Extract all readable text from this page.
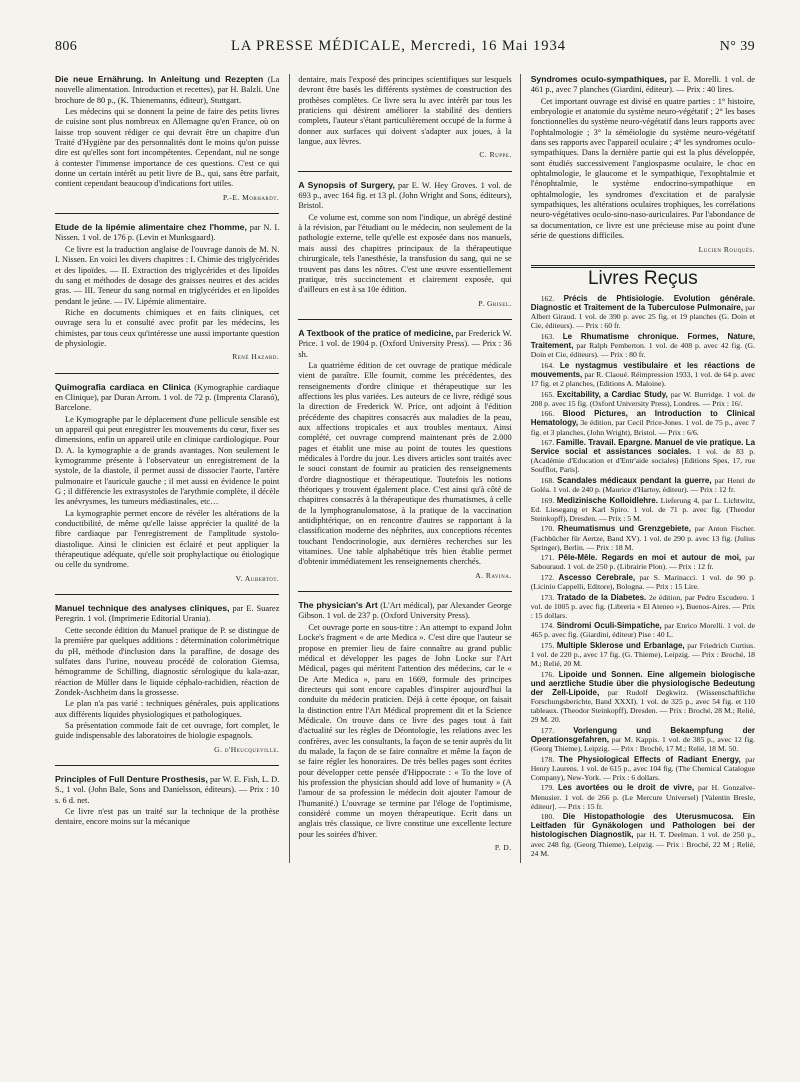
806	LA PRESSE MÉDICALE, Mercredi, 16 Mai 1934	N° 39
Die neue Ernährung. In Anleitung und Rezepten (La nouvelle alimentation. Introduction et recettes), par H. Balzli. Une brochure de 80 p., (K. Thienemanns, éditeur), Stuttgart.

Les médecins qui se donnent la peine de faire des petits livres de cuisine sont plus nombreux en Allemagne qu'en France, où on laisse trop souvent rédiger ce qui devrait être un chapitre d'un Traité d'Hygiène par des personnalités dont le moins qu'on puisse dire est qu'elles sont fort incompétentes. Cependant, nul ne songe à contester l'immense importance de ces questions. C'est ce qui donne un certain intérêt au petit livre de B., qui, sans être parfait, contient cependant beaucoup d'indications fort utiles.

P.-E. Morhardt.
Etude de la lipémie alimentaire chez l'homme, par N. I. Nissen. 1 vol. de 176 p. (Levin et Munksgaard).

Ce livre est la traduction anglaise de l'ouvrage danois de M. N. I. Nissen. En voici les divers chapitres : I. Chimie des triglycérides et des lipoïdes. — II. Extraction des triglycérides et des lipoïdes du sang et méthodes de dosage des graisses neutres et des acides gras. — III. Teneur du sang normal en triglycérides et en lipoïdes pendant le jeûne. — IV. Lipémie alimentaire.

Riche en documents chimiques et en faits cliniques, cet ouvrage sera lu et consulté avec profit par les médecins, les chimistes, par tous ceux qu'intéresse une aussi importante question de physiologie.

René Hazard.
Quimografia cardiaca en Clinica (Kymographie cardiaque en Clinique), par Duran Arrom. 1 vol. de 72 p. (Imprenta Clarasó), Barcelone.

Le Kymographe par le déplacement d'une pellicule sensible est un appareil qui peut enregistrer les mouvements du cœur, fixer ses dimensions, enfin un appareil utile en clinique cardiologique. Pour D. A. la kymographie a de grands avantages. Non seulement le kymogramme présente à l'observateur un enregistrement de la systole, de la diastole, il permet aussi de dissocier l'aorte, l'artère pulmonaire et l'auricule gauche ; il met aussi en évidence le point G ; il différencie les extrasystoles de l'arythmie complète, il décèle les anévrysmes, les tumeurs médiastinales, etc…

La kymographie permet encore de révéler les altérations de la conductibilité, de même qu'elle laisse apprécier la qualité de la fibre cardiaque par l'enregistrement de l'amplitude systolo-diastolique. Ainsi le clinicien est éclairé et peut appliquer la thérapeutique adéquate, qu'elle soit prophylactique ou étiologique ou celle du syndrome.

V. Aubertot.
Manuel technique des analyses cliniques, par E. Suarez Peregrin. 1 vol. (Imprimerie Editorial Urania).

Cette seconde édition du Manuel pratique de P. se distingue de la première par quelques additions : détermination colorimétrique du pH, méthode d'inclusion dans la paraffine, de dosage des sulfates dans l'urine, nouveau procédé de coloration Giemsa, hémogramme de Schilling, diagnostic sérologique du kala-azar, réaction de Müller dans le liquide céphalo-rachidien, réaction de Zondek-Aschheim dans la grossesse.

Le plan n'a pas varié : techniques générales, puis applications aux différents liquides physiologiques et pathologiques.

Sa présentation commode fait de cet ouvrage, fort complet, le guide indispensable des laboratoires de biologie espagnols.

G. d'Heucqueville.
Principles of Full Denture Prosthesis, par W. E. Fish, L. D. S., 1 vol. (John Bale, Sons and Danielsson, éditeurs). — Prix : 10 s. 6 d. net.

Ce livre n'est pas un traité sur la technique de la prothèse dentaire, encore moins sur la mécanique

dentaire, mais l'exposé des principes scientifiques sur lesquels devront être basés les différents systèmes de construction des prothèses complètes. Ce livre sera lu avec intérêt par tous les praticiens qui désirent améliorer la stabilité des dentiers complets, l'auteur s'étant particulièrement occupé de la forme à donner aux surfaces qui doivent s'adapter aux joues, à la langue, aux lèvres.

C. Ruppe.
A Synopsis of Surgery, par E. W. Hey Groves. 1 vol. de 693 p., avec 164 fig. et 13 pl. (John Wright and Sons, éditeurs), Bristol.

Ce volume est, comme son nom l'indique, un abrégé destiné à la révision, par l'étudiant ou le médecin, non seulement de la pathologie externe, telle qu'elle est exposée dans nos manuels, mais aussi des chapitres principaux de la thérapeutique chirurgicale, tels l'anesthésie, la transfusion du sang, qui ne se trouvent pas dans les nôtres. C'est une œuvre essentiellement pratique, très succinctement et clairement exposée, qui d'ailleurs en est à sa 10e édition.

P. Grisel.
A Textbook of the pratice of medicine, par Frederick W. Price. 1 vol. de 1904 p. (Oxford University Press). — Prix : 36 sh.

La quatrième édition de cet ouvrage de pratique médicale vient de paraître. Elle fournit, comme les précédentes, des renseignements d'ordre clinique et thérapeutique sur les affections les plus variées. Les auteurs de ce livre, rédigé sous la direction de Frederick W. Price, ont adjoint à l'édition précédente des chapitres consacrés aux maladies de la peau, aux affections tropicales et aux troubles mentaux. Ainsi complété, cet ouvrage comprend maintenant près de 2.000 pages et établit une mise au point de toutes les questions médicales à l'ordre du jour. Les divers articles sont traités avec le souci constant de fournir au praticien des renseignements d'ordre diagnostique et thérapeutique. Toutefois les notions théoriques y trouvent également place. C'est ainsi qu'à côté de chapitres consacrés à la thérapeutique des rhumatismes, à celle de la lymphogranulomatose, à la pratique de la vaccination antidiphtérique, on en rencontre d'autres se rapportant à la classification moderne des néphrites, aux conceptions récentes touchant l'endocrinologie, aux dernières recherches sur les vitamines. Une table alphabétique très bien établie permet d'obtenir immédiatement les renseignements cherchés.

A. Ravina.
The physician's Art (L'Art médical), par Alexander George Gibson. 1 vol. de 237 p. (Oxford University Press).

Cet ouvrage porte en sous-titre : An attempt to expand John Locke's fragment « de arte Medica ». C'est dire que l'auteur se propose en premier lieu de faire connaître au grand public médical et développer les pages de John Locke sur l'Art Médical, pages qui méritent l'attention des médecins, car le « De Arte Medica », paru en 1669, formule des principes directeurs qui sont encore capables d'inspirer aujourd'hui la conduite du médecin praticien. Déjà à cette époque, on faisait la distinction entre l'Art Médical proprement dit et la Science Médicale. On trouve dans ce livre des pages tout à fait d'actualité sur les règles de Déontologie, les relations avec les confrères, avec les consultants, la façon de se tenir auprès du lit du malade, la façon de se faire connaître et même la façon de se faire régler les honoraires. De très belles pages sont écrites pour développer cette pensée d'Hippocrate : « To the love of his profession the physician should add love of humanity » (A l'amour de sa profession le médecin doit ajouter l'amour de l'humanité.) L'ouvrage se termine par l'éloge de l'optimisme, considéré comme un moyen thérapeutique. Ecrit dans un anglais très classique, ce livre constitue une excellente lecture pour les soirées d'hiver.

P. D.
Syndromes oculo-sympathiques, par E. Morelli. 1 vol. de 461 p., avec 7 planches (Giardini, éditeur). — Prix : 40 lires.

Cet important ouvrage est divisé en quatre parties : 1° histoire, embryologie et anatomie du système neuro-végétatif ; 2° les bases fonctionnelles du système neuro-végétatif dans leurs rapports avec l'ophtalmologie ; 3° la séméiologie du système neuro-végétatif dans ses rapports avec l'appareil oculaire ; 4° les syndromes oculo-sympathiques. Dans la dernière partie qui est la plus développée, sont étudiés successivement l'angiospasme oculaire, le choc en ophtalmologie, le glaucome et le sympathique, l'exophtalmie et l'énophtalmie, le système endocrino-sympathique en ophtalmologie, les syndromes d'excitation et de paralysie sympathiques, les altérations oculaires trophiques, les corrélations neuro-végétatives oculo-sino-naso-auriculaires. Par l'abondance de sa documentation, ce livre est une précieuse mise au point d'une série de questions difficiles.

Lucien Rouquès.
Livres Reçus

162. Précis de Phtisiologie. Evolution générale. Diagnostic et Traitement de la Tuberculose Pulmonaire, par Albert Giraud. 1 vol. de 390 p. avec 25 fig. et 19 planches (G. Doin et Cie, éditeurs). — Prix : 60 fr.

163. Le Rhumatisme chronique. Formes, Nature, Traitement, par Ralph Pemberton. 1 vol. de 408 p. avec 42 fig. (G. Doin et Cie, éditeurs). — Prix : 80 fr.

164. Le nystagmus vestibulaire et les réactions de mouvements, par R. Claoué. Réimpression 1933, 1 vol. de 64 p. avec 17 fig. et 2 planches, (Editions A. Maloine).

165. Excitability, a Cardiac Study, par W. Burridge. 1 vol. de 208 p. avec 15 fig. (Oxford University Press), Londres. — Prix : 16/.

166. Blood Pictures, an Introduction to Clinical Hematology, 3e édition, par Cecil Price-Jones. 1 vol. de 75 p., avec 7 fig. et 3 planches, (John Wright), Bristol. — Prix : 6/6.

167. Famille. Travail. Epargne. Manuel de vie pratique. La Service social et assistances sociales. 1 vol. de 83 p. (Académie d'Education et d'Entr'aide sociales) [Editions Spes, 17, rue Soufflot, Paris].

168. Scandales médicaux pendant la guerre, par Henri de Goléa. 1 vol. de 240 p. (Maurice d'Hartoy, éditeur). — Prix : 12 fr.

169. Medizinische Kolloidlehre. Lieferung 4, par L. Lichtwitz, Ed. Liesegang et Karl Spiro. 1 vol. de 71 p. avec fig. (Theodor Steinkopff), Dresden. — Prix : 5 M.

170. Rheumatismus und Grenzgebiete, par Anton Fischer. (Fachbücher für Aertze, Band XV). 1 vol. de 290 p. avec 13 fig. (Julius Springer), Berlin. — Prix : 18 M.

171. Pêle-Mêle. Regards en moi et autour de moi, par Sabouraud. 1 vol. de 250 p. (Librairie Plon). — Prix : 12 fr.

172. Ascesso Cerebrale, par S. Marinacci. 1 vol. de 90 p. (Licinio Cappelli, Editore), Bologna. — Prix : 15 Lire.

173. Tratado de la Diabetes. 2e édition, par Pedro Escudero. 1 vol. de 1005 p. avec fig. (Libreria « El Ateneo »), Buenos-Aires. — Prix : 15 dollars.

174. Sindromi Oculi-Simpatiche, par Enrico Morelli. 1 vol. de 465 p. avec fig. (Giardini, éditeur) Pise : 40 L.

175. Multiple Sklerose und Erbanlage, par Friedrich Curtius. 1 vol. de 220 p., avec 17 fig. (G. Thieme), Leipzig. — Prix : Broché, 18 M.; Relié, 20 M.

176. Lipoide und Sonnen. Eine allgemein biologische und aerztliche Studie über die physiologische Bedeutung der Zell-Lipoide, par Rudolf Degkwitz. (Wissenschaftliche Forschungsberichte, Band XXXI). 1 vol. de 325 p., avec 54 fig. et 110 tableaux. (Theodor Steinkopff), Dresden. — Prix : Broché, 28 M.; Relié, 29 M. 20.

177. Vorlengung und Bekaempfung der Operationsgefahren, par M. Kappis. 1 vol. de 385 p., avec 12 fig. (Georg Thieme), Leipzig. — Prix : Broché, 17 M.; Relié, 18 M. 50.

178. The Physiological Effects of Radiant Energy, par Henry Laurens. 1 vol. de 615 p., avec 104 fig. (The Chemical Catalogue Company), New-York. — Prix : 6 dollars.

179. Les avortées ou le droit de vivre, par H. Gonzalve-Menusier. 1 vol. de 266 p. (Le Mercure Universel) [Valentin Bresle, éditeur]. — Prix : 15 fr.

180. Die Histopathologie des Uterusmucosa. Ein Leitfaden für Gynäkologen und Pathologen bei der histologischen Diagnostik, par H. T. Deelman. 1 vol. de 250 p., avec 248 fig. (Georg Thieme), Leipzig. — Prix : Broché, 22 M ; Relié, 24 M.
